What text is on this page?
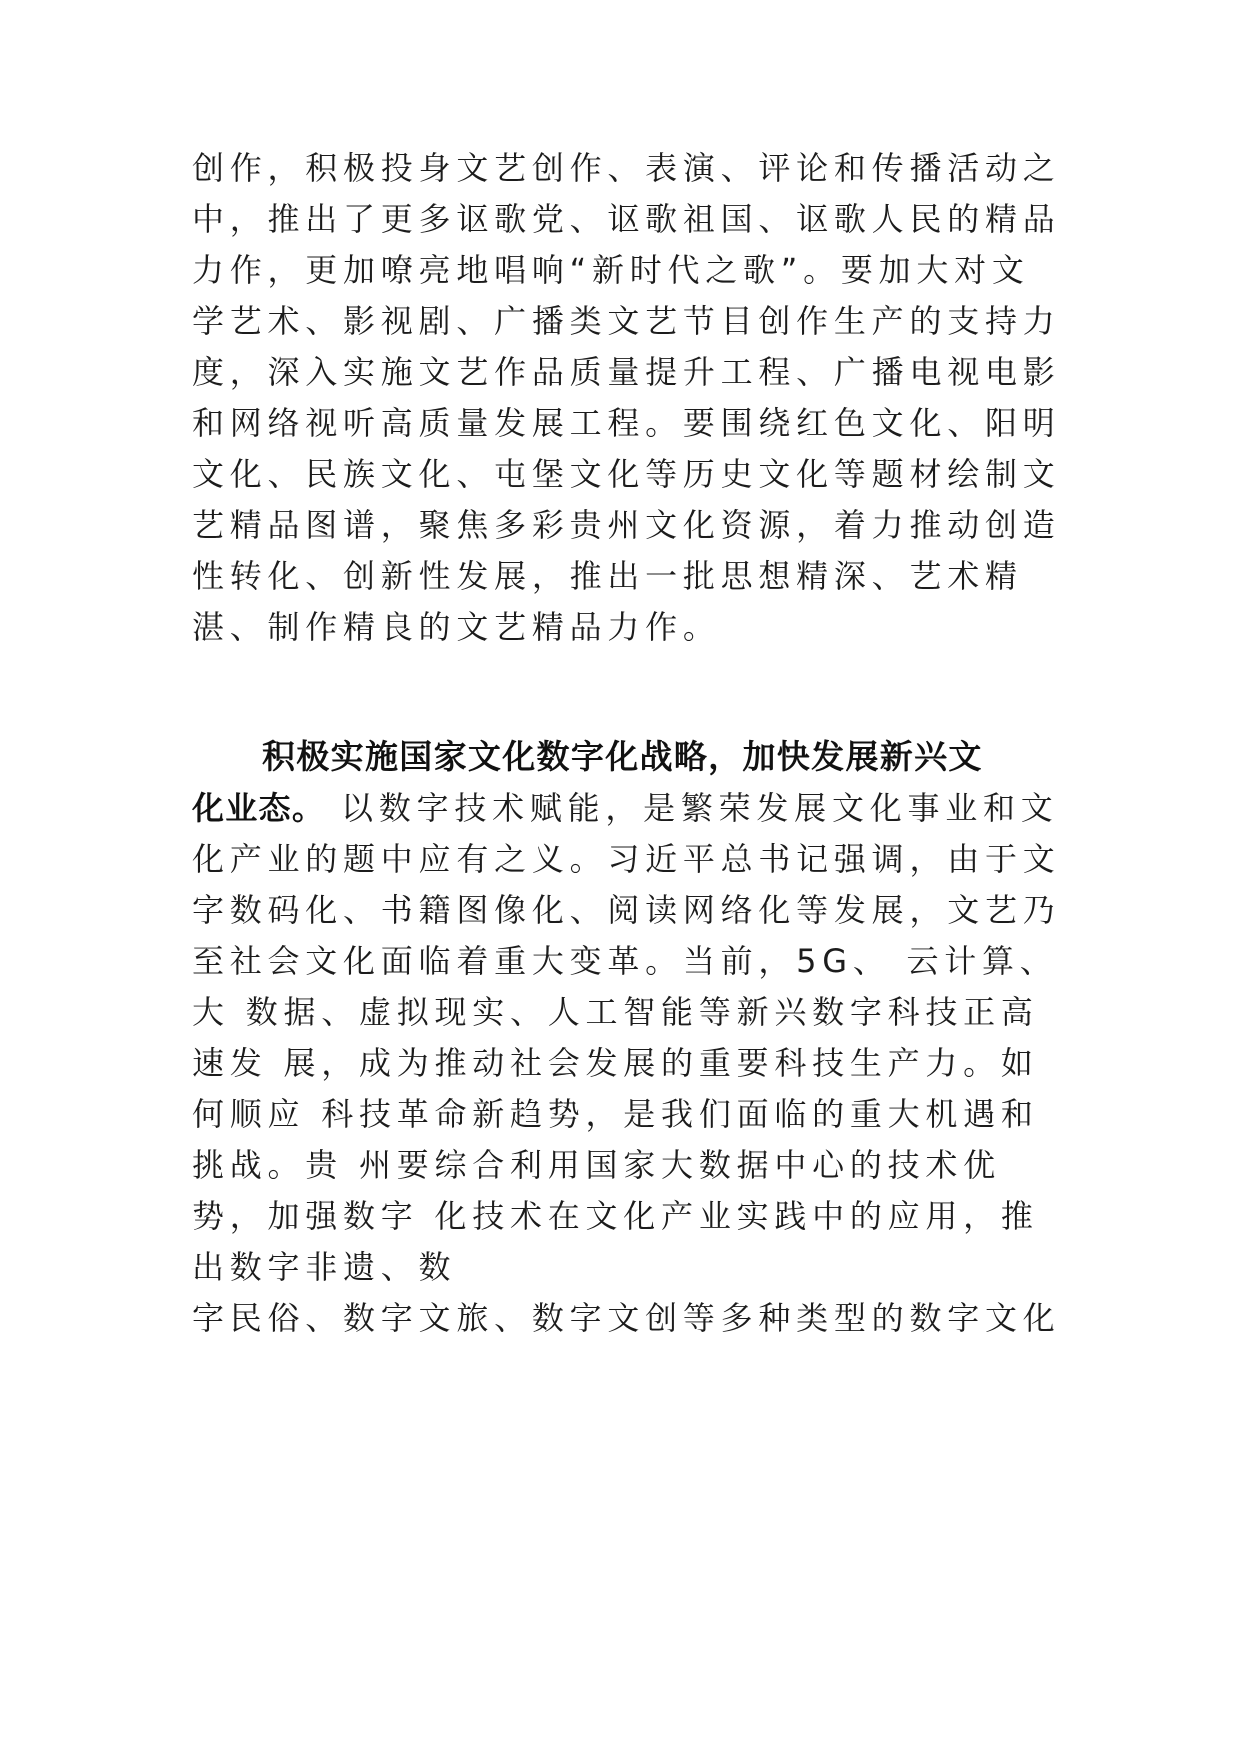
创作，积极投身文艺创作、表演、评论和传播活动之
中，推出了更多讴歌党、讴歌祖国、讴歌人民的精品
力作，更加嘹亮地唱响“新时代之歌”。要加大对文
学艺术、影视剧、广播类文艺节目创作生产的支持力
度，深入实施文艺作品质量提升工程、广播电视电影
和网络视听高质量发展工程。要围绕红色文化、阳明
文化、民族文化、屯堡文化等历史文化等题材绘制文
艺精品图谱，聚焦多彩贵州文化资源，着力推动创造
性转化、创新性发展，推出一批思想精深、艺术精
湛、制作精良的文艺精品力作。
积极实施国家文化数字化战略，加快发展新兴文
化业态。 以数字技术赋能，是繁荣发展文化事业和文
化产业的题中应有之义。习近平总书记强调，由于文
字数码化、书籍图像化、阅读网络化等发展，文艺乃
至社会文化面临着重大变革。当前，5G、 云计算、
大 数据、虚拟现实、人工智能等新兴数字科技正高
速发 展，成为推动社会发展的重要科技生产力。如
何顺应 科技革命新趋势，是我们面临的重大机遇和
挑战。贵 州要综合利用国家大数据中心的技术优
势，加强数字 化技术在文化产业实践中的应用，推
出数字非遗、数
字民俗、数字文旅、数字文创等多种类型的数字文化
